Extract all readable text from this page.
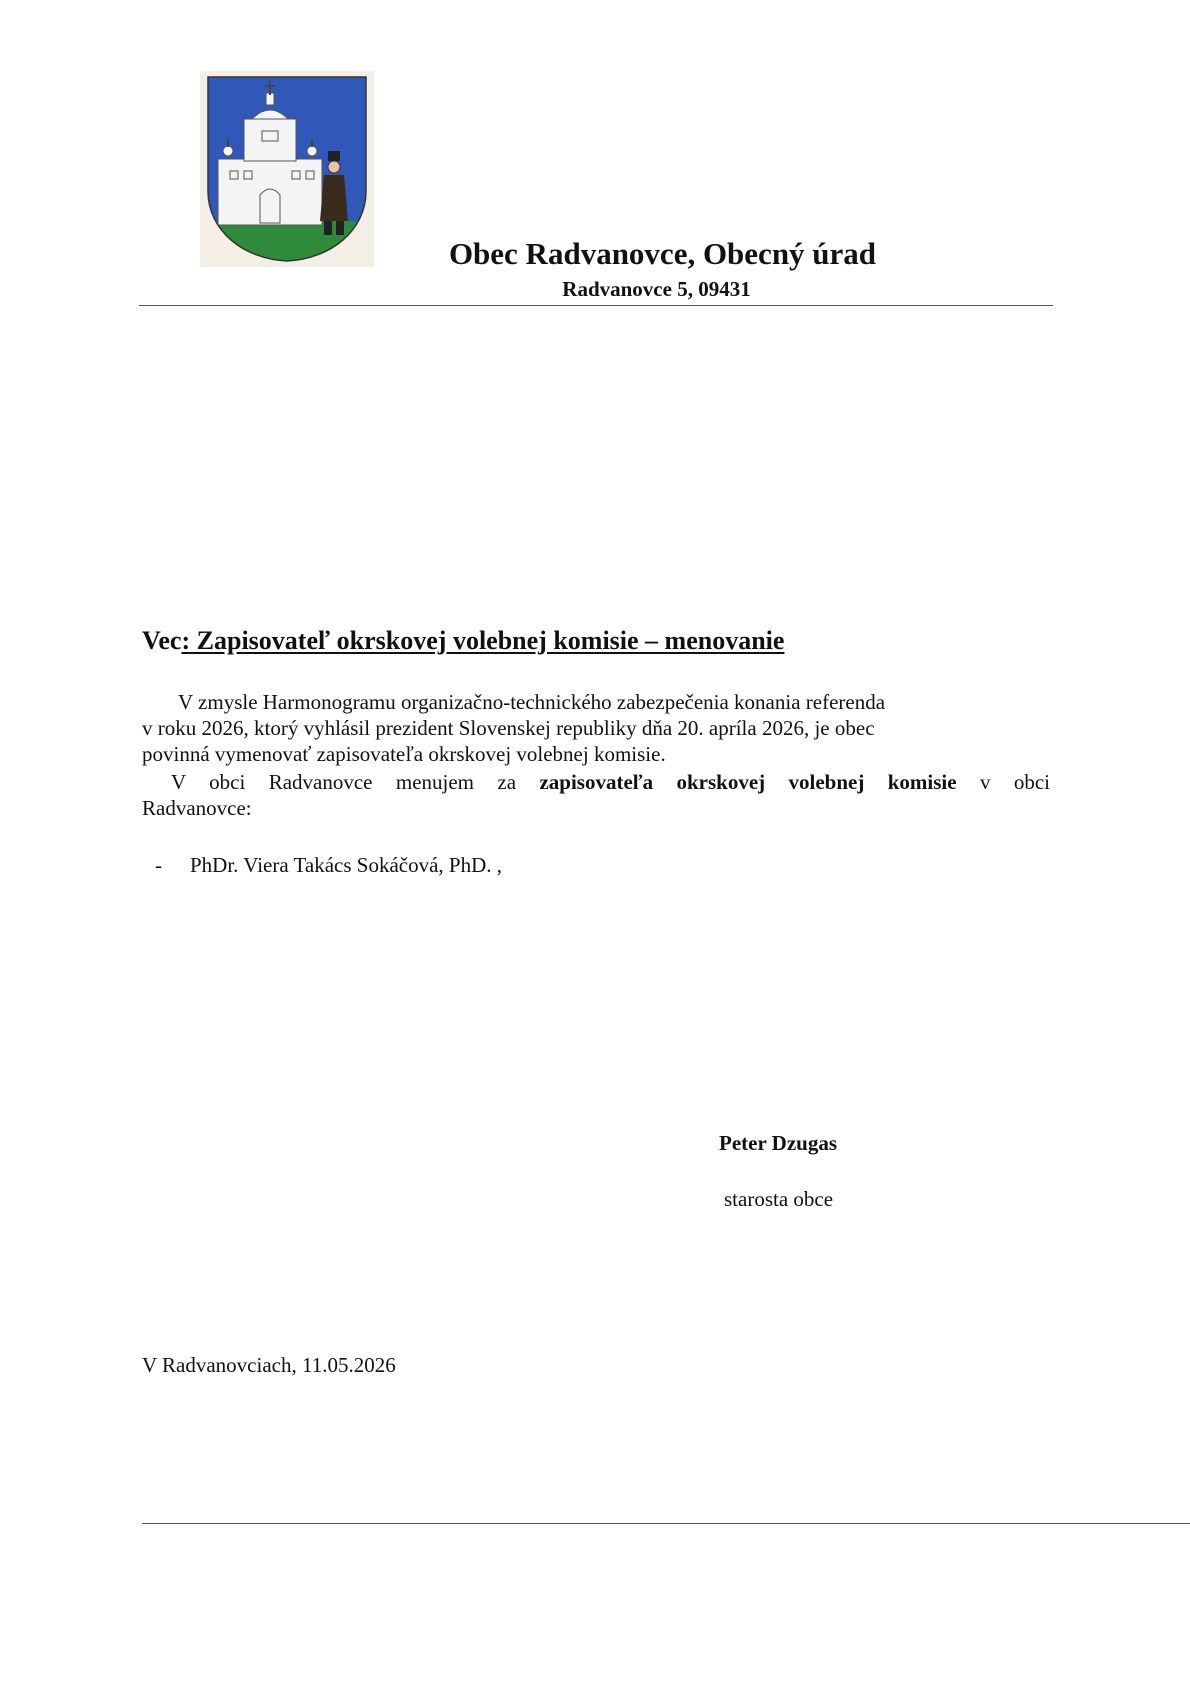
Obec Radvanovce, Obecný úrad
Radvanovce 5, 09431
Vec: Zapisovateľ okrskovej volebnej komisie – menovanie
V zmysle Harmonogramu organizačno-technického zabezpečenia konania referenda
v roku 2026, ktorý vyhlásil prezident Slovenskej republiky dňa 20. apríla 2026, je obec
povinná vymenovať zapisovateľa okrskovej volebnej komisie.
V obci Radvanovce menujem za zapisovateľa okrskovej volebnej komisie v obci
Radvanovce:
- PhDr. Viera Takács Sokáčová, PhD. ,
Peter Dzugas
starosta obce
V Radvanovciach, 11.05.2026
